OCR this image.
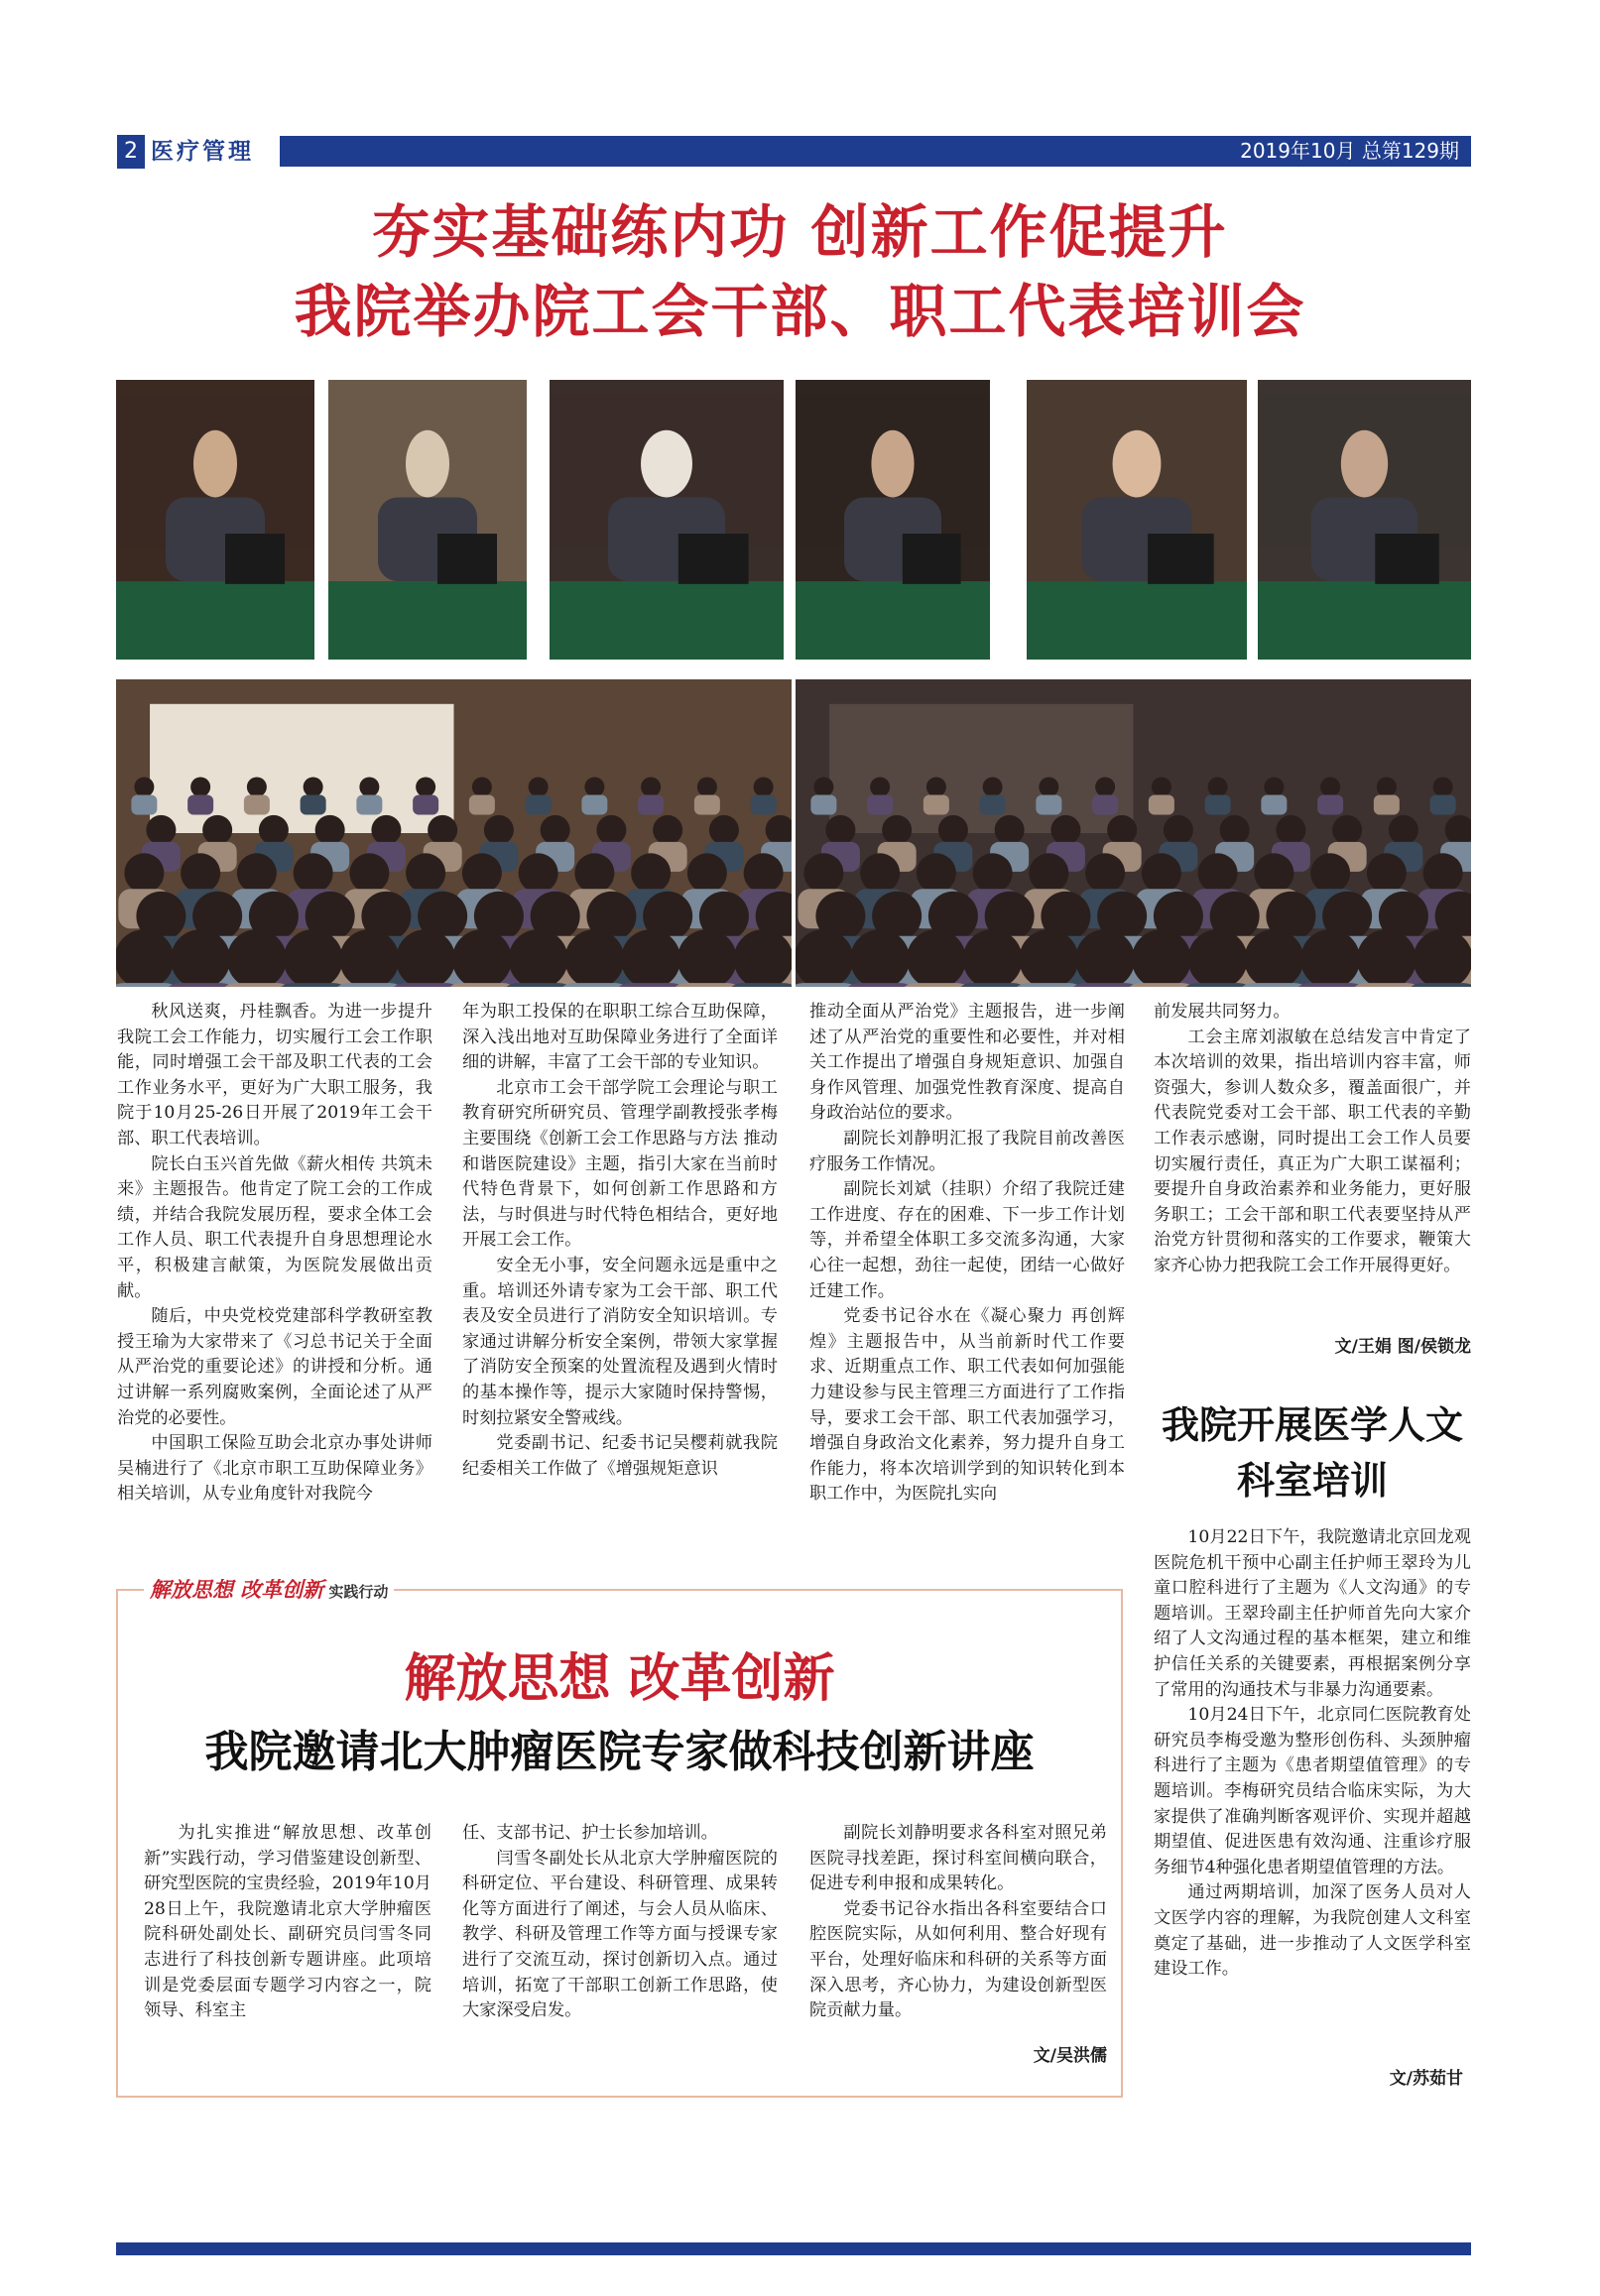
2 医疗管理	2019年10月 总第129期
夯实基础练内功 创新工作促提升
我院举办院工会干部、职工代表培训会

秋风送爽，丹桂飘香。为进一步提升我院工会工作能力，切实履行工会工作职能，同时增强工会干部及职工代表的工会工作业务水平，更好为广大职工服务，我院于10月25-26日开展了2019年工会干部、职工代表培训。

院长白玉兴首先做《薪火相传 共筑未来》主题报告。他肯定了院工会的工作成绩，并结合我院发展历程，要求全体工会工作人员、职工代表提升自身思想理论水平，积极建言献策，为医院发展做出贡献。

随后，中央党校党建部科学教研室教授王瑜为大家带来了《习总书记关于全面从严治党的重要论述》的讲授和分析。通过讲解一系列腐败案例，全面论述了从严治党的必要性。

中国职工保险互助会北京办事处讲师吴楠进行了《北京市职工互助保障业务》相关培训，从专业角度针对我院今

年为职工投保的在职职工综合互助保障，深入浅出地对互助保障业务进行了全面详细的讲解，丰富了工会干部的专业知识。

北京市工会干部学院工会理论与职工教育研究所研究员、管理学副教授张孝梅主要围绕《创新工会工作思路与方法 推动和谐医院建设》主题，指引大家在当前时代特色背景下，如何创新工作思路和方法，与时俱进与时代特色相结合，更好地开展工会工作。

安全无小事，安全问题永远是重中之重。培训还外请专家为工会干部、职工代表及安全员进行了消防安全知识培训。专家通过讲解分析安全案例，带领大家掌握了消防安全预案的处置流程及遇到火情时的基本操作等，提示大家随时保持警惕，时刻拉紧安全警戒线。

党委副书记、纪委书记吴樱莉就我院纪委相关工作做了《增强规矩意识

推动全面从严治党》主题报告，进一步阐述了从严治党的重要性和必要性，并对相关工作提出了增强自身规矩意识、加强自身作风管理、加强党性教育深度、提高自身政治站位的要求。

副院长刘静明汇报了我院目前改善医疗服务工作情况。

副院长刘斌（挂职）介绍了我院迁建工作进度、存在的困难、下一步工作计划等，并希望全体职工多交流多沟通，大家心往一起想，劲往一起使，团结一心做好迁建工作。

党委书记谷水在《凝心聚力 再创辉煌》主题报告中，从当前新时代工作要求、近期重点工作、职工代表如何加强能力建设参与民主管理三方面进行了工作指导，要求工会干部、职工代表加强学习，增强自身政治文化素养，努力提升自身工作能力，将本次培训学到的知识转化到本职工作中，为医院扎实向

前发展共同努力。

工会主席刘淑敏在总结发言中肯定了本次培训的效果，指出培训内容丰富，师资强大，参训人数众多，覆盖面很广，并代表院党委对工会干部、职工代表的辛勤工作表示感谢，同时提出工会工作人员要切实履行责任，真正为广大职工谋福利；要提升自身政治素养和业务能力，更好服务职工；工会干部和职工代表要坚持从严治党方针贯彻和落实的工作要求，鞭策大家齐心协力把我院工会工作开展得更好。

文/王娟 图/侯锁龙
我院开展医学人文
科室培训

10月22日下午，我院邀请北京回龙观医院危机干预中心副主任护师王翠玲为儿童口腔科进行了主题为《人文沟通》的专题培训。王翠玲副主任护师首先向大家介绍了人文沟通过程的基本框架，建立和维护信任关系的关键要素，再根据案例分享了常用的沟通技术与非暴力沟通要素。

10月24日下午，北京同仁医院教育处研究员李梅受邀为整形创伤科、头颈肿瘤科进行了主题为《患者期望值管理》的专题培训。李梅研究员结合临床实际，为大家提供了准确判断客观评价、实现并超越期望值、促进医患有效沟通、注重诊疗服务细节4种强化患者期望值管理的方法。

通过两期培训，加深了医务人员对人文医学内容的理解，为我院创建人文科室奠定了基础，进一步推动了人文医学科室建设工作。

文/苏茹甘
解放思想 改革创新 实践行动
解放思想 改革创新
我院邀请北大肿瘤医院专家做科技创新讲座

为扎实推进“解放思想、改革创新”实践行动，学习借鉴建设创新型、研究型医院的宝贵经验，2019年10月28日上午，我院邀请北京大学肿瘤医院科研处副处长、副研究员闫雪冬同志进行了科技创新专题讲座。此项培训是党委层面专题学习内容之一，院领导、科室主

任、支部书记、护士长参加培训。

闫雪冬副处长从北京大学肿瘤医院的科研定位、平台建设、科研管理、成果转化等方面进行了阐述，与会人员从临床、教学、科研及管理工作等方面与授课专家进行了交流互动，探讨创新切入点。通过培训，拓宽了干部职工创新工作思路，使大家深受启发。

副院长刘静明要求各科室对照兄弟医院寻找差距，探讨科室间横向联合，促进专利申报和成果转化。

党委书记谷水指出各科室要结合口腔医院实际，从如何利用、整合好现有平台，处理好临床和科研的关系等方面深入思考，齐心协力，为建设创新型医院贡献力量。

文/吴洪儒
